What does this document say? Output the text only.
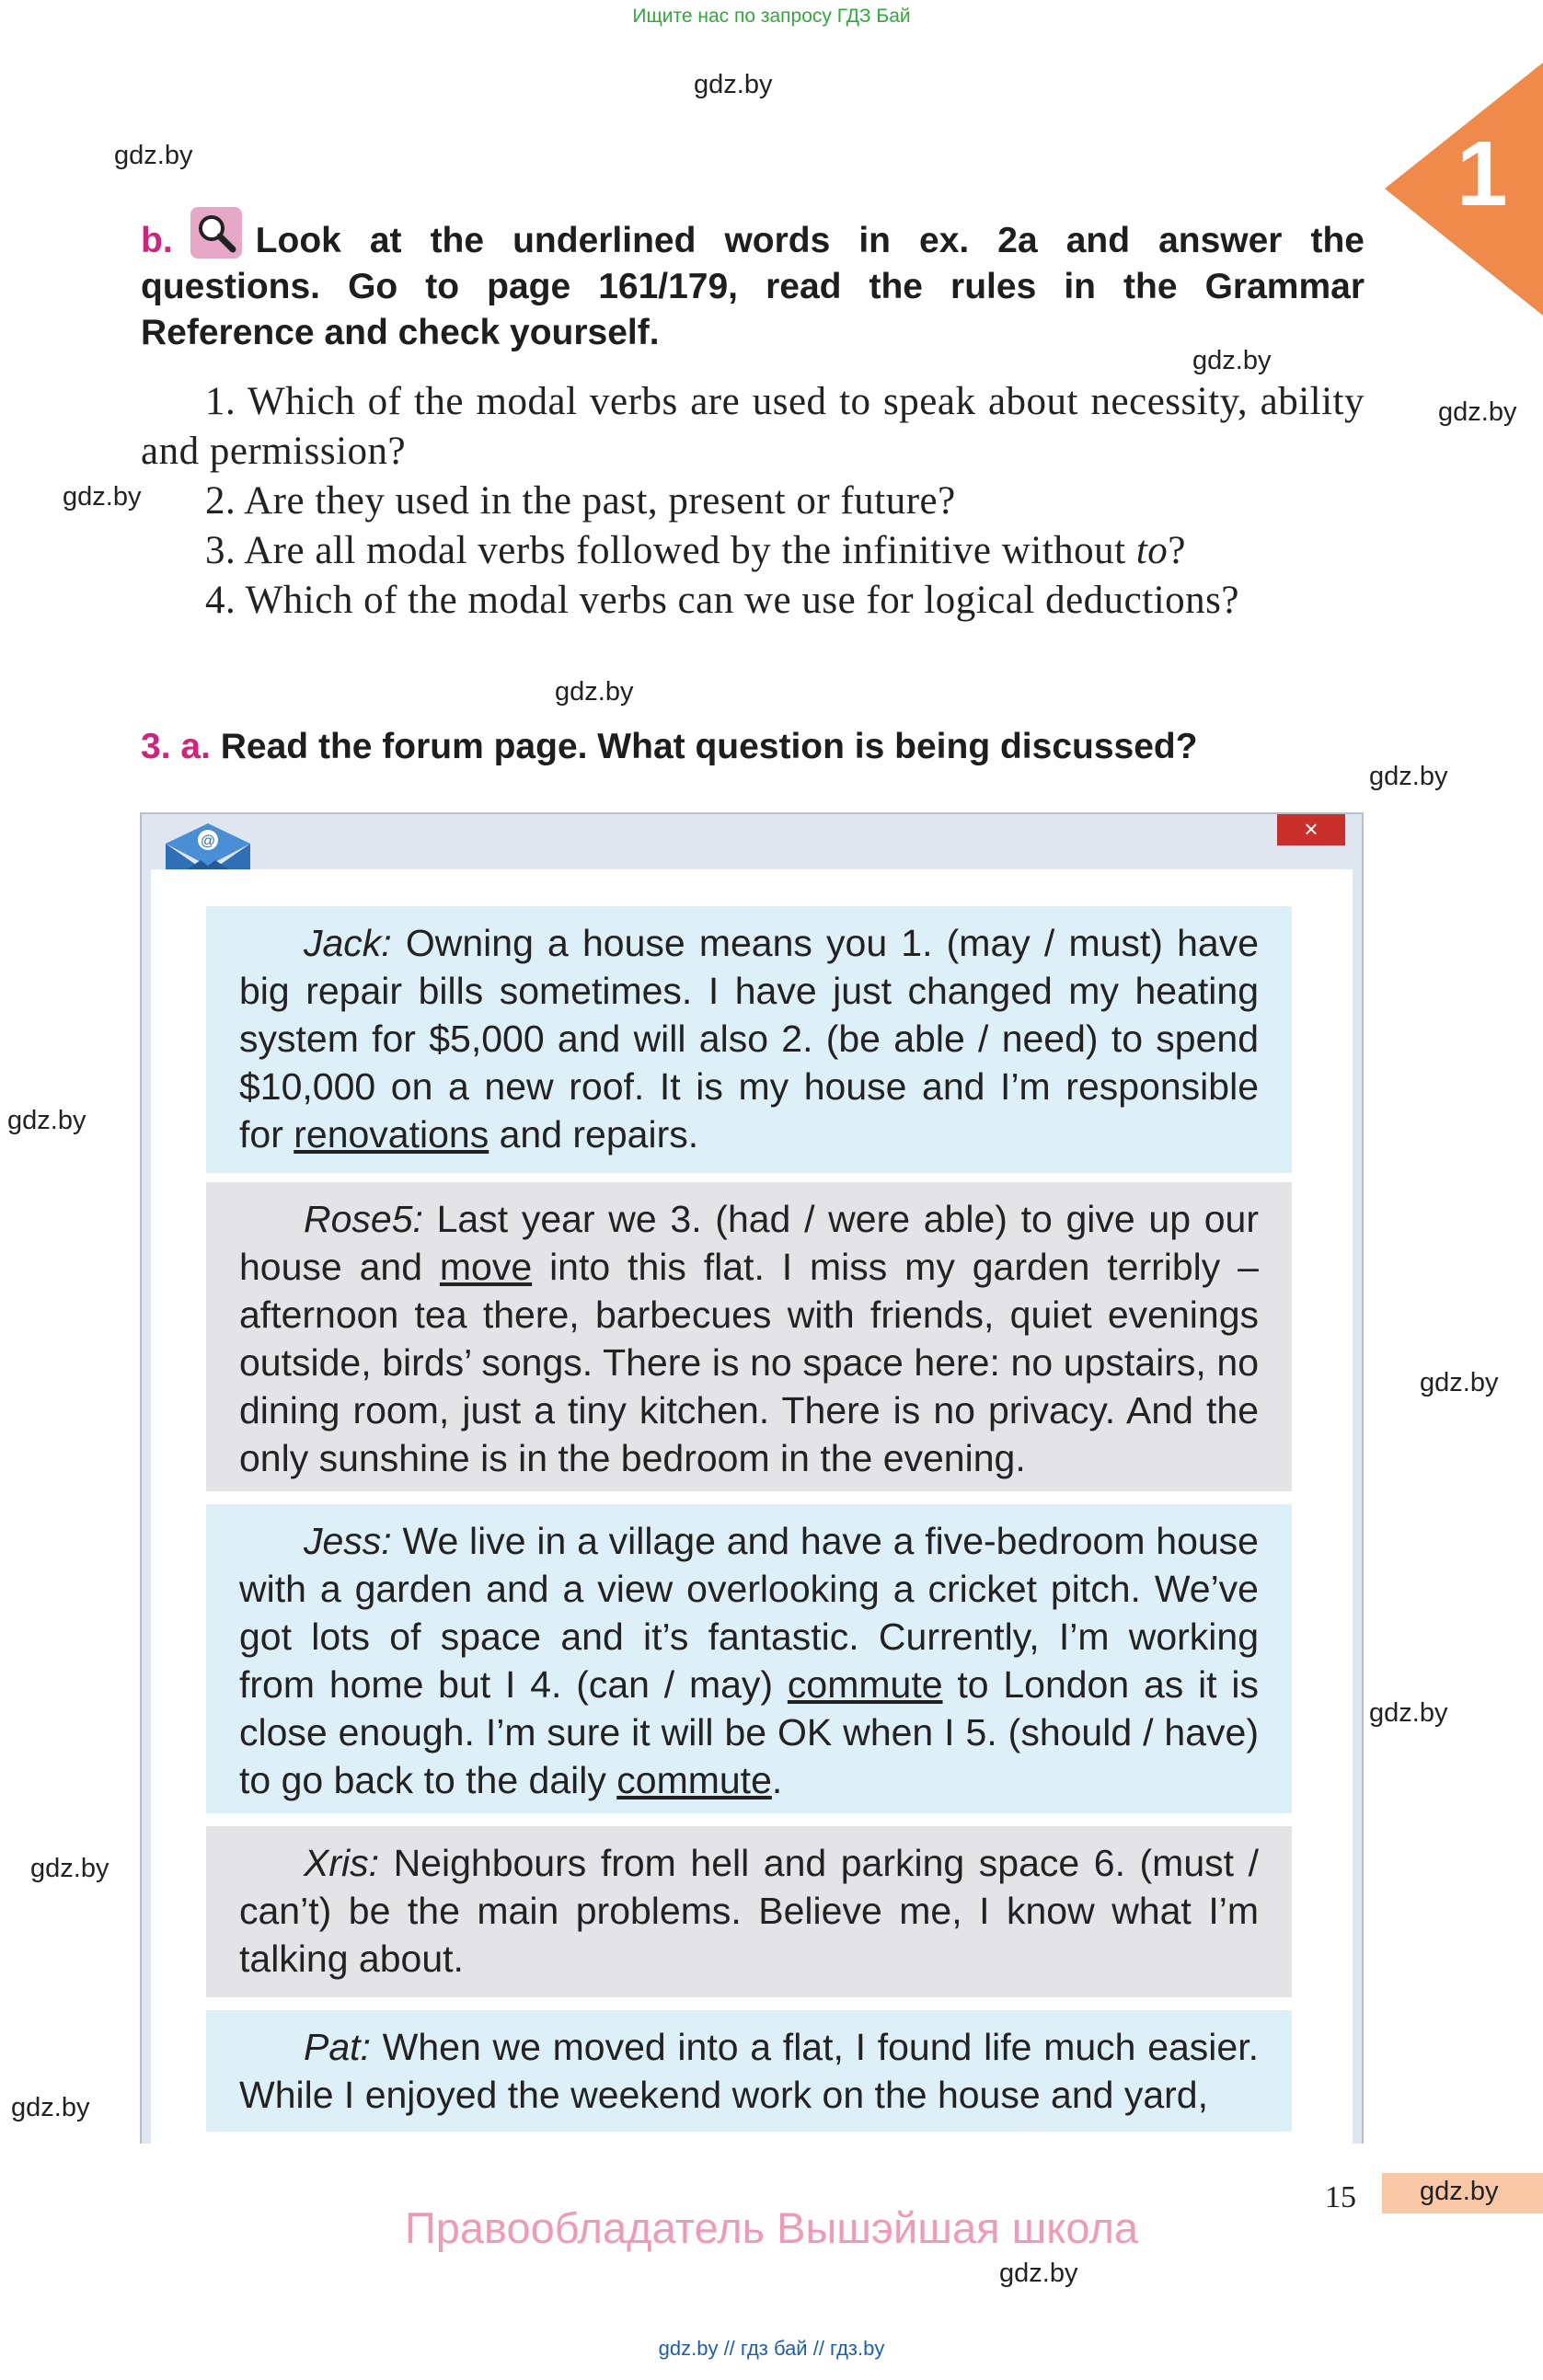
Ищите нас по запросу ГДЗ Бай
gdz.by
gdz.by
gdz.by
gdz.by
gdz.by
gdz.by
gdz.by
gdz.by
gdz.by
gdz.by
gdz.by
gdz.by
gdz.by
1
b. Look at the underlined words in ex. 2a and answer the questions. Go to page 161/179, read the rules in the Grammar Reference and check yourself.
1. Which of the modal verbs are used to speak about necessity, ability and permission?
2. Are they used in the past, present or future?
3. Are all modal verbs followed by the infinitive without to?
4. Which of the modal verbs can we use for logical deductions?
3. a. Read the forum page. What question is being discussed?
@	×
Jack: Owning a house means you 1. (may / must) have big repair bills sometimes. I have just changed my heating system for $5,000 and will also 2. (be able / need) to spend $10,000 on a new roof. It is my house and I’m responsible for renovations and repairs.
Rose5: Last year we 3. (had / were able) to give up our house and move into this flat. I miss my garden terribly – afternoon tea there, barbecues with friends, quiet evenings outside, birds’ songs. There is no space here: no upstairs, no dining room, just a tiny kitchen. There is no privacy. And the only sunshine is in the bedroom in the evening.
Jess: We live in a village and have a five-bedroom house with a garden and a view overlooking a cricket pitch. We’ve got lots of space and it’s fantastic. Currently, I’m working from home but I 4. (can / may) commute to London as it is close enough. I’m sure it will be OK when I 5. (should / have) to go back to the daily commute.
Xris: Neighbours from hell and parking space 6. (must / can’t) be the main problems. Believe me, I know what I’m talking about.
Pat: When we moved into a flat, I found life much easier. While I enjoyed the weekend work on the house and yard,
gdz.by
15
Правообладатель Вышэйшая школа
gdz.by // гдз бай // гдз.by
